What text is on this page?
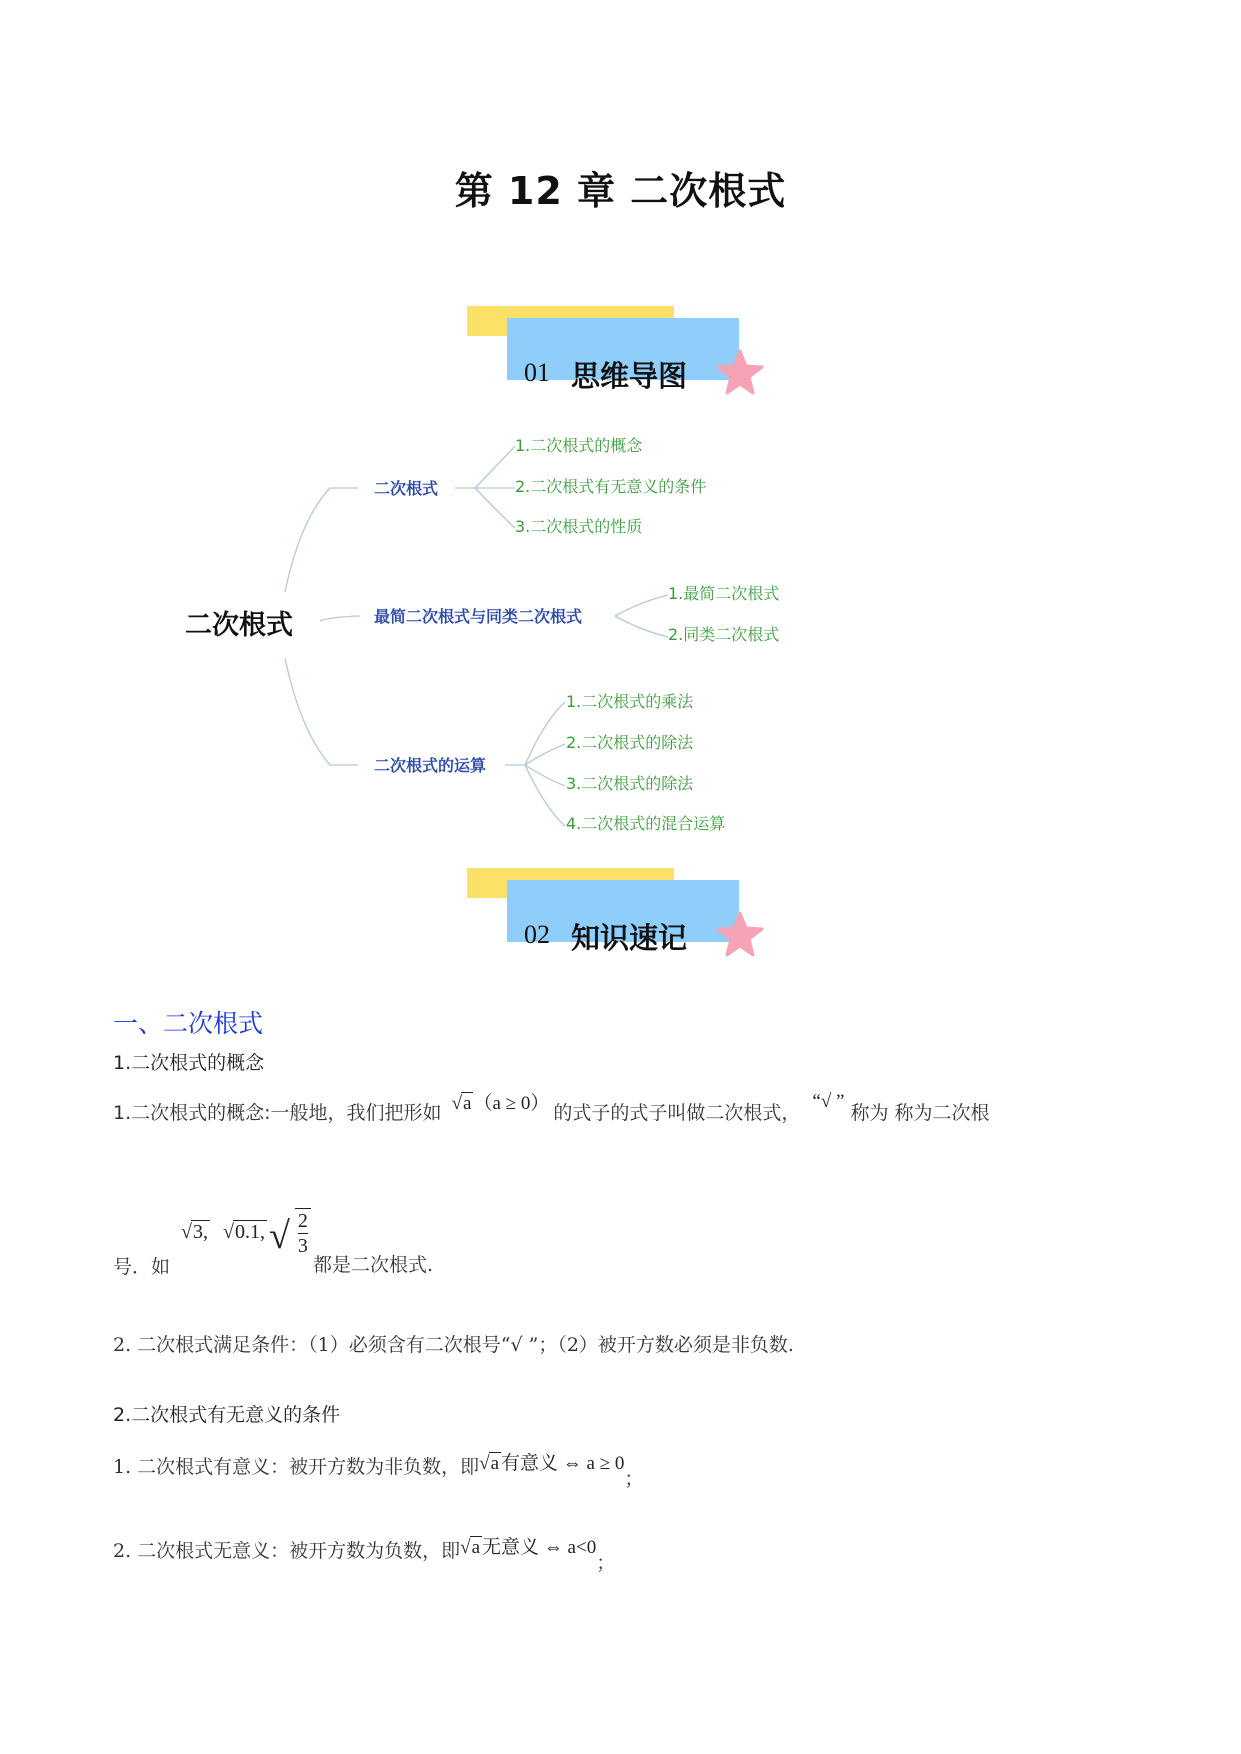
第 12 章 二次根式
01 思维导图
二次根式
二次根式
1.二次根式的概念
2.二次根式有无意义的条件
3.二次根式的性质
最简二次根式与同类二次根式
1.最简二次根式
2.同类二次根式
二次根式的运算
1.二次根式的乘法
2.二次根式的除法
3.二次根式的除法
4.二次根式的混合运算
02 知识速记
一、二次根式
1.二次根式的概念
1.二次根式的概念:一般地，我们把形如 √a （a ≥ 0） 的式子的式子叫做二次根式， “√ ”称为 称为二次根
号．如
√3, √0.1, √ $\frac{2}{3}$
都是二次根式.
2. 二次根式满足条件：（1）必须含有二次根号“√ ”；（2）被开方数必须是非负数.
2.二次根式有无意义的条件
1. 二次根式有意义：被开方数为非负数，即√a 有意义 ⇔ a ≥ 0；
2. 二次根式无意义：被开方数为负数，即√a 无意义 ⇔ a<0；
